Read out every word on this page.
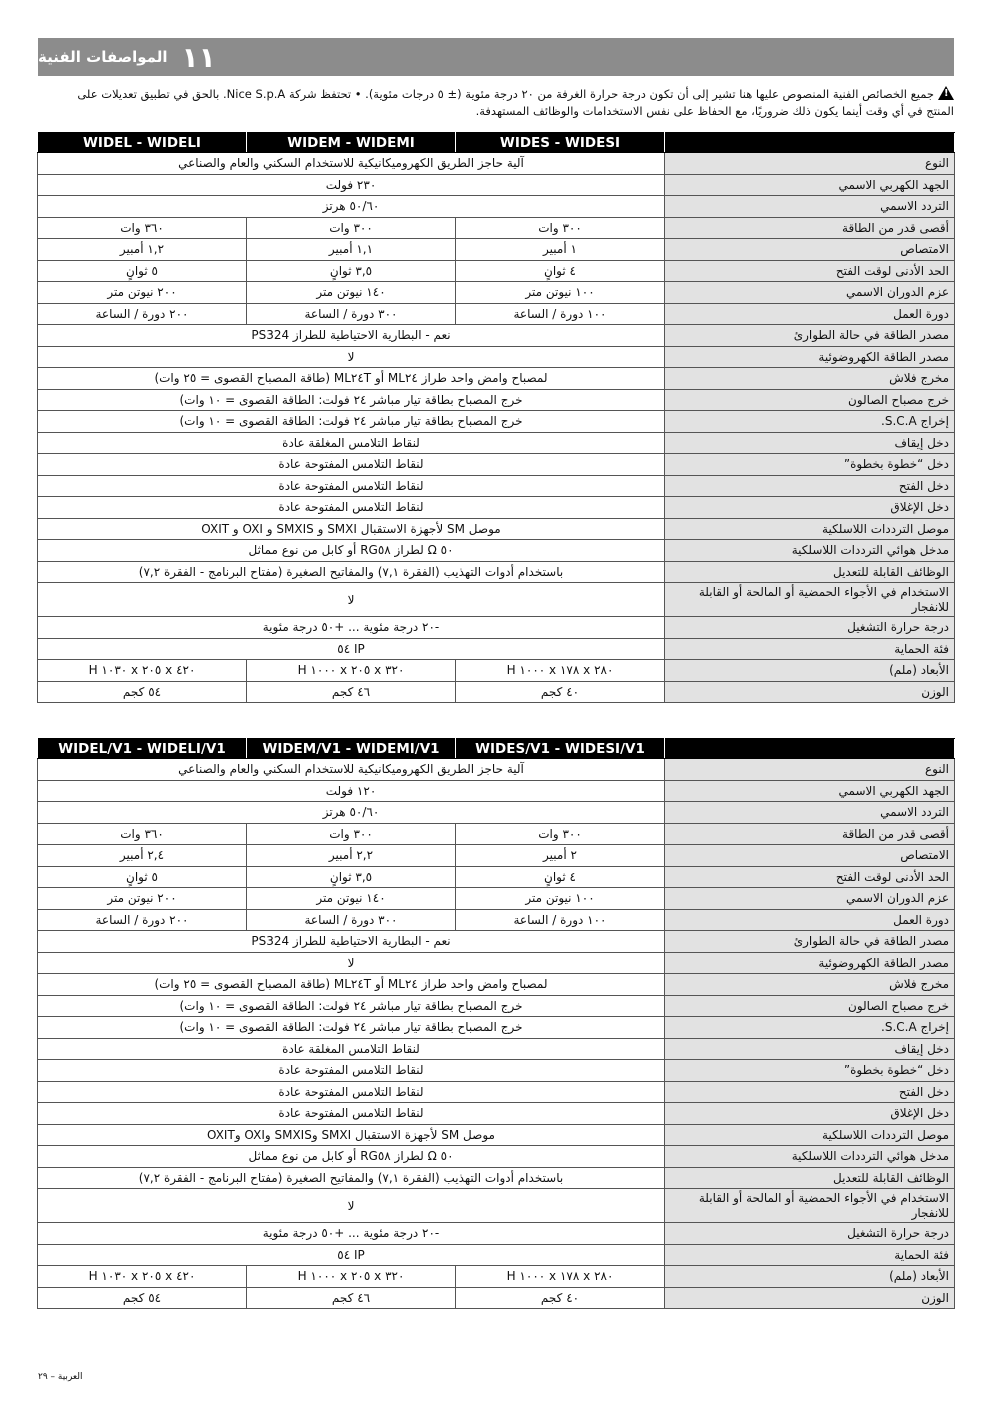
١١
المواصفات الفنية
!جميع الخصائص الفنية المنصوص عليها هنا تشير إلى أن تكون درجة حرارة الغرفة من ٢٠ درجة مئوية (± ٥ درجات مئوية). • تحتفظ شركة Nice S.p.A. بالحق في تطبيق تعديلات على
المنتج في أي وقت أينما يكون ذلك ضروريًا، مع الحفاظ على نفس الاستخدامات والوظائف المستهدفة.
	WIDES - WIDESI	WIDEM - WIDEMI	WIDEL - WIDELI
النوع	آلية حاجز الطريق الكهروميكانيكية للاستخدام السكني والعام والصناعي		
الجهد الكهربي الاسمي	٢٣٠ فولت		
التردد الاسمي	٥٠/٦٠ هرتز		
أقصى قدر من الطاقة	٣٠٠ وات	٣٠٠ وات	٣٦٠ وات
الامتصاص	١ أمبير	١,١ أمبير	١,٢ أمبير
الحد الأدنى لوقت الفتح	٤ ثوانٍ	٣,٥ ثوانٍ	٥ ثوانٍ
عزم الدوران الاسمي	١٠٠ نيوتن متر	١٤٠ نيوتن متر	٢٠٠ نيوتن متر
دورة العمل	١٠٠ دورة / الساعة	٣٠٠ دورة / الساعة	٢٠٠ دورة / الساعة
مصدر الطاقة في حالة الطوارئ	نعم - البطارية الاحتياطية للطراز PS324		
مصدر الطاقة الكهروضوئية	لا		
مخرج فلاش	لمصباح وامض واحد طراز ML٢٤ أو ML٢٤T (طاقة المصباح القصوى = ٢٥ وات)		
خرج مصباح الصالون	خرج المصباح بطاقة تيار مباشر ٢٤ فولت: الطاقة القصوى = ١٠ وات)		
إخراج S.C.A.	خرج المصباح بطاقة تيار مباشر ٢٤ فولت: الطاقة القصوى = ١٠ وات)		
دخل إيقاف	لنقاط التلامس المغلقة عادة		
دخل “خطوة بخطوة”	لنقاط التلامس المفتوحة عادة		
دخل الفتح	لنقاط التلامس المفتوحة عادة		
دخل الإغلاق	لنقاط التلامس المفتوحة عادة		
موصل الترددات اللاسلكية	موصل SM لأجهزة الاستقبال SMXI و SMXIS و OXI و OXIT		
مدخل هوائي الترددات اللاسلكية	٥٠ Ω لطراز RG٥٨ أو كابل من نوع مماثل		
الوظائف القابلة للتعديل	باستخدام أدوات التهذيب (الفقرة ٧,١) والمفاتيح الصغيرة (مفتاح البرنامج - الفقرة ٧,٢)		
الاستخدام في الأجواء الحمضية أو المالحة أو القابلة للانفجار	لا		
درجة حرارة التشغيل	-٢٠ درجة مئوية ... +٥٠ درجة مئوية		
فئة الحماية	IP ٥٤		
الأبعاد (ملم)	٢٨٠ x ١٧٨ x ١٠٠٠ H	٣٢٠ x ٢٠٥ x ١٠٠٠ H	٤٢٠ x ٢٠٥ x ١٠٣٠ H
الوزن	٤٠ كجم	٤٦ كجم	٥٤ كجم
	WIDES/V1 - WIDESI/V1	WIDEM/V1 - WIDEMI/V1	WIDEL/V1 - WIDELI/V1
النوع	آلية حاجز الطريق الكهروميكانيكية للاستخدام السكني والعام والصناعي		
الجهد الكهربي الاسمي	١٢٠ فولت		
التردد الاسمي	٥٠/٦٠ هرتز		
أقصى قدر من الطاقة	٣٠٠ وات	٣٠٠ وات	٣٦٠ وات
الامتصاص	٢ أمبير	٢,٢ أمبير	٢,٤ أمبير
الحد الأدنى لوقت الفتح	٤ ثوانٍ	٣,٥ ثوانٍ	٥ ثوانٍ
عزم الدوران الاسمي	١٠٠ نيوتن متر	١٤٠ نيوتن متر	٢٠٠ نيوتن متر
دورة العمل	١٠٠ دورة / الساعة	٣٠٠ دورة / الساعة	٢٠٠ دورة / الساعة
مصدر الطاقة في حالة الطوارئ	نعم - البطارية الاحتياطية للطراز PS324		
مصدر الطاقة الكهروضوئية	لا		
مخرج فلاش	لمصباح وامض واحد طراز ML٢٤ أو ML٢٤T (طاقة المصباح القصوى = ٢٥ وات)		
خرج مصباح الصالون	خرج المصباح بطاقة تيار مباشر ٢٤ فولت: الطاقة القصوى = ١٠ وات)		
إخراج S.C.A.	خرج المصباح بطاقة تيار مباشر ٢٤ فولت: الطاقة القصوى = ١٠ وات)		
دخل إيقاف	لنقاط التلامس المغلقة عادة		
دخل “خطوة بخطوة”	لنقاط التلامس المفتوحة عادة		
دخل الفتح	لنقاط التلامس المفتوحة عادة		
دخل الإغلاق	لنقاط التلامس المفتوحة عادة		
موصل الترددات اللاسلكية	موصل SM لأجهزة الاستقبال SMXI وSMXIS وOXI وOXIT		
مدخل هوائي الترددات اللاسلكية	٥٠ Ω لطراز RG٥٨ أو كابل من نوع مماثل		
الوظائف القابلة للتعديل	باستخدام أدوات التهذيب (الفقرة ٧,١) والمفاتيح الصغيرة (مفتاح البرنامج - الفقرة ٧,٢)		
الاستخدام في الأجواء الحمضية أو المالحة أو القابلة للانفجار	لا		
درجة حرارة التشغيل	-٢٠ درجة مئوية ... +٥٠ درجة مئوية		
فئة الحماية	IP ٥٤		
الأبعاد (ملم)	٢٨٠ x ١٧٨ x ١٠٠٠ H	٣٢٠ x ٢٠٥ x ١٠٠٠ H	٤٢٠ x ٢٠٥ x ١٠٣٠ H
الوزن	٤٠ كجم	٤٦ كجم	٥٤ كجم
العربية – ٢٩
